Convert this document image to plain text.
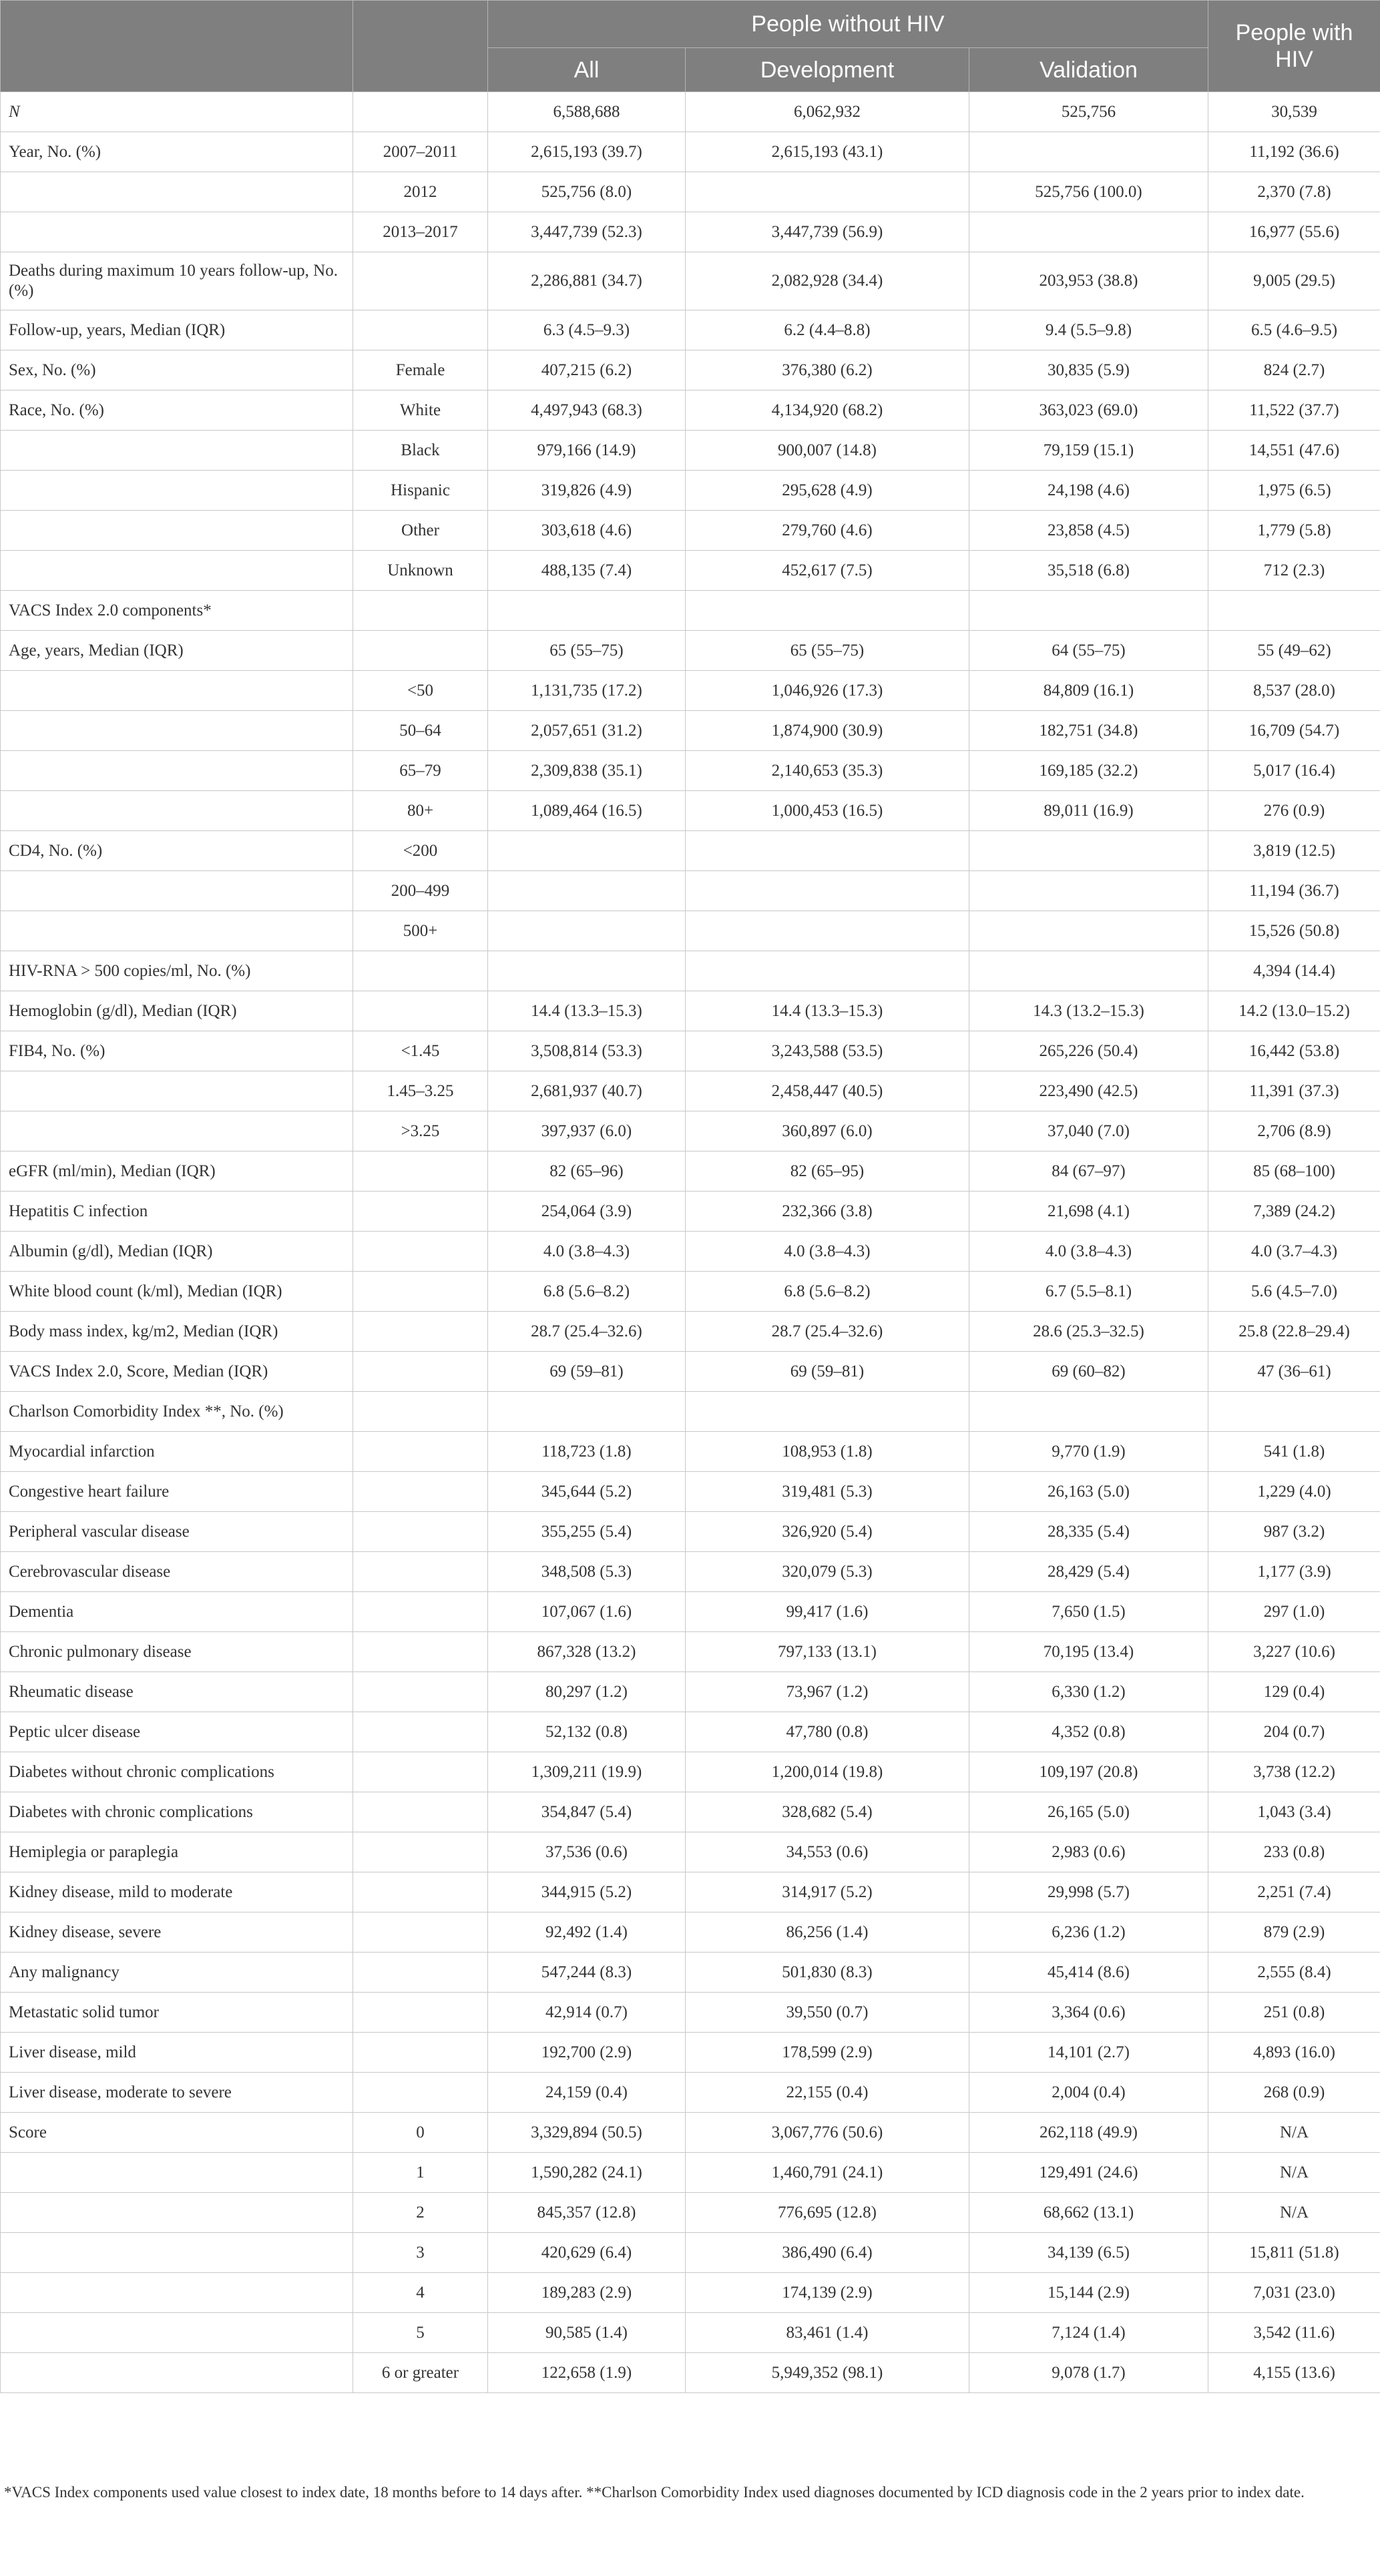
		People without HIV			People with HIV
		All	Development	Validation	
N		6,588,688	6,062,932	525,756	30,539
Year, No. (%)	2007–2011	2,615,193 (39.7)	2,615,193 (43.1)		11,192 (36.6)
	2012	525,756 (8.0)		525,756 (100.0)	2,370 (7.8)
	2013–2017	3,447,739 (52.3)	3,447,739 (56.9)		16,977 (55.6)
Deaths during maximum 10 years follow-up, No. (%)		2,286,881 (34.7)	2,082,928 (34.4)	203,953 (38.8)	9,005 (29.5)
Follow-up, years, Median (IQR)		6.3 (4.5–9.3)	6.2 (4.4–8.8)	9.4 (5.5–9.8)	6.5 (4.6–9.5)
Sex, No. (%)	Female	407,215 (6.2)	376,380 (6.2)	30,835 (5.9)	824 (2.7)
Race, No. (%)	White	4,497,943 (68.3)	4,134,920 (68.2)	363,023 (69.0)	11,522 (37.7)
	Black	979,166 (14.9)	900,007 (14.8)	79,159 (15.1)	14,551 (47.6)
	Hispanic	319,826 (4.9)	295,628 (4.9)	24,198 (4.6)	1,975 (6.5)
	Other	303,618 (4.6)	279,760 (4.6)	23,858 (4.5)	1,779 (5.8)
	Unknown	488,135 (7.4)	452,617 (7.5)	35,518 (6.8)	712 (2.3)
VACS Index 2.0 components*					
Age, years, Median (IQR)		65 (55–75)	65 (55–75)	64 (55–75)	55 (49–62)
	<50	1,131,735 (17.2)	1,046,926 (17.3)	84,809 (16.1)	8,537 (28.0)
	50–64	2,057,651 (31.2)	1,874,900 (30.9)	182,751 (34.8)	16,709 (54.7)
	65–79	2,309,838 (35.1)	2,140,653 (35.3)	169,185 (32.2)	5,017 (16.4)
	80+	1,089,464 (16.5)	1,000,453 (16.5)	89,011 (16.9)	276 (0.9)
CD4, No. (%)	<200				3,819 (12.5)
	200–499				11,194 (36.7)
	500+				15,526 (50.8)
HIV-RNA > 500 copies/ml, No. (%)					4,394 (14.4)
Hemoglobin (g/dl), Median (IQR)		14.4 (13.3–15.3)	14.4 (13.3–15.3)	14.3 (13.2–15.3)	14.2 (13.0–15.2)
FIB4, No. (%)	<1.45	3,508,814 (53.3)	3,243,588 (53.5)	265,226 (50.4)	16,442 (53.8)
	1.45–3.25	2,681,937 (40.7)	2,458,447 (40.5)	223,490 (42.5)	11,391 (37.3)
	>3.25	397,937 (6.0)	360,897 (6.0)	37,040 (7.0)	2,706 (8.9)
eGFR (ml/min), Median (IQR)		82 (65–96)	82 (65–95)	84 (67–97)	85 (68–100)
Hepatitis C infection		254,064 (3.9)	232,366 (3.8)	21,698 (4.1)	7,389 (24.2)
Albumin (g/dl), Median (IQR)		4.0 (3.8–4.3)	4.0 (3.8–4.3)	4.0 (3.8–4.3)	4.0 (3.7–4.3)
White blood count (k/ml), Median (IQR)		6.8 (5.6–8.2)	6.8 (5.6–8.2)	6.7 (5.5–8.1)	5.6 (4.5–7.0)
Body mass index, kg/m2, Median (IQR)		28.7 (25.4–32.6)	28.7 (25.4–32.6)	28.6 (25.3–32.5)	25.8 (22.8–29.4)
VACS Index 2.0, Score, Median (IQR)		69 (59–81)	69 (59–81)	69 (60–82)	47 (36–61)
Charlson Comorbidity Index **, No. (%)					
Myocardial infarction		118,723 (1.8)	108,953 (1.8)	9,770 (1.9)	541 (1.8)
Congestive heart failure		345,644 (5.2)	319,481 (5.3)	26,163 (5.0)	1,229 (4.0)
Peripheral vascular disease		355,255 (5.4)	326,920 (5.4)	28,335 (5.4)	987 (3.2)
Cerebrovascular disease		348,508 (5.3)	320,079 (5.3)	28,429 (5.4)	1,177 (3.9)
Dementia		107,067 (1.6)	99,417 (1.6)	7,650 (1.5)	297 (1.0)
Chronic pulmonary disease		867,328 (13.2)	797,133 (13.1)	70,195 (13.4)	3,227 (10.6)
Rheumatic disease		80,297 (1.2)	73,967 (1.2)	6,330 (1.2)	129 (0.4)
Peptic ulcer disease		52,132 (0.8)	47,780 (0.8)	4,352 (0.8)	204 (0.7)
Diabetes without chronic complications		1,309,211 (19.9)	1,200,014 (19.8)	109,197 (20.8)	3,738 (12.2)
Diabetes with chronic complications		354,847 (5.4)	328,682 (5.4)	26,165 (5.0)	1,043 (3.4)
Hemiplegia or paraplegia		37,536 (0.6)	34,553 (0.6)	2,983 (0.6)	233 (0.8)
Kidney disease, mild to moderate		344,915 (5.2)	314,917 (5.2)	29,998 (5.7)	2,251 (7.4)
Kidney disease, severe		92,492 (1.4)	86,256 (1.4)	6,236 (1.2)	879 (2.9)
Any malignancy		547,244 (8.3)	501,830 (8.3)	45,414 (8.6)	2,555 (8.4)
Metastatic solid tumor		42,914 (0.7)	39,550 (0.7)	3,364 (0.6)	251 (0.8)
Liver disease, mild		192,700 (2.9)	178,599 (2.9)	14,101 (2.7)	4,893 (16.0)
Liver disease, moderate to severe		24,159 (0.4)	22,155 (0.4)	2,004 (0.4)	268 (0.9)
Score	0	3,329,894 (50.5)	3,067,776 (50.6)	262,118 (49.9)	N/A
	1	1,590,282 (24.1)	1,460,791 (24.1)	129,491 (24.6)	N/A
	2	845,357 (12.8)	776,695 (12.8)	68,662 (13.1)	N/A
	3	420,629 (6.4)	386,490 (6.4)	34,139 (6.5)	15,811 (51.8)
	4	189,283 (2.9)	174,139 (2.9)	15,144 (2.9)	7,031 (23.0)
	5	90,585 (1.4)	83,461 (1.4)	7,124 (1.4)	3,542 (11.6)
	6 or greater	122,658 (1.9)	5,949,352 (98.1)	9,078 (1.7)	4,155 (13.6)

*VACS Index components used value closest to index date, 18 months before to 14 days after. **Charlson Comorbidity Index used diagnoses documented by ICD diagnosis code in the 2 years prior to index date.
